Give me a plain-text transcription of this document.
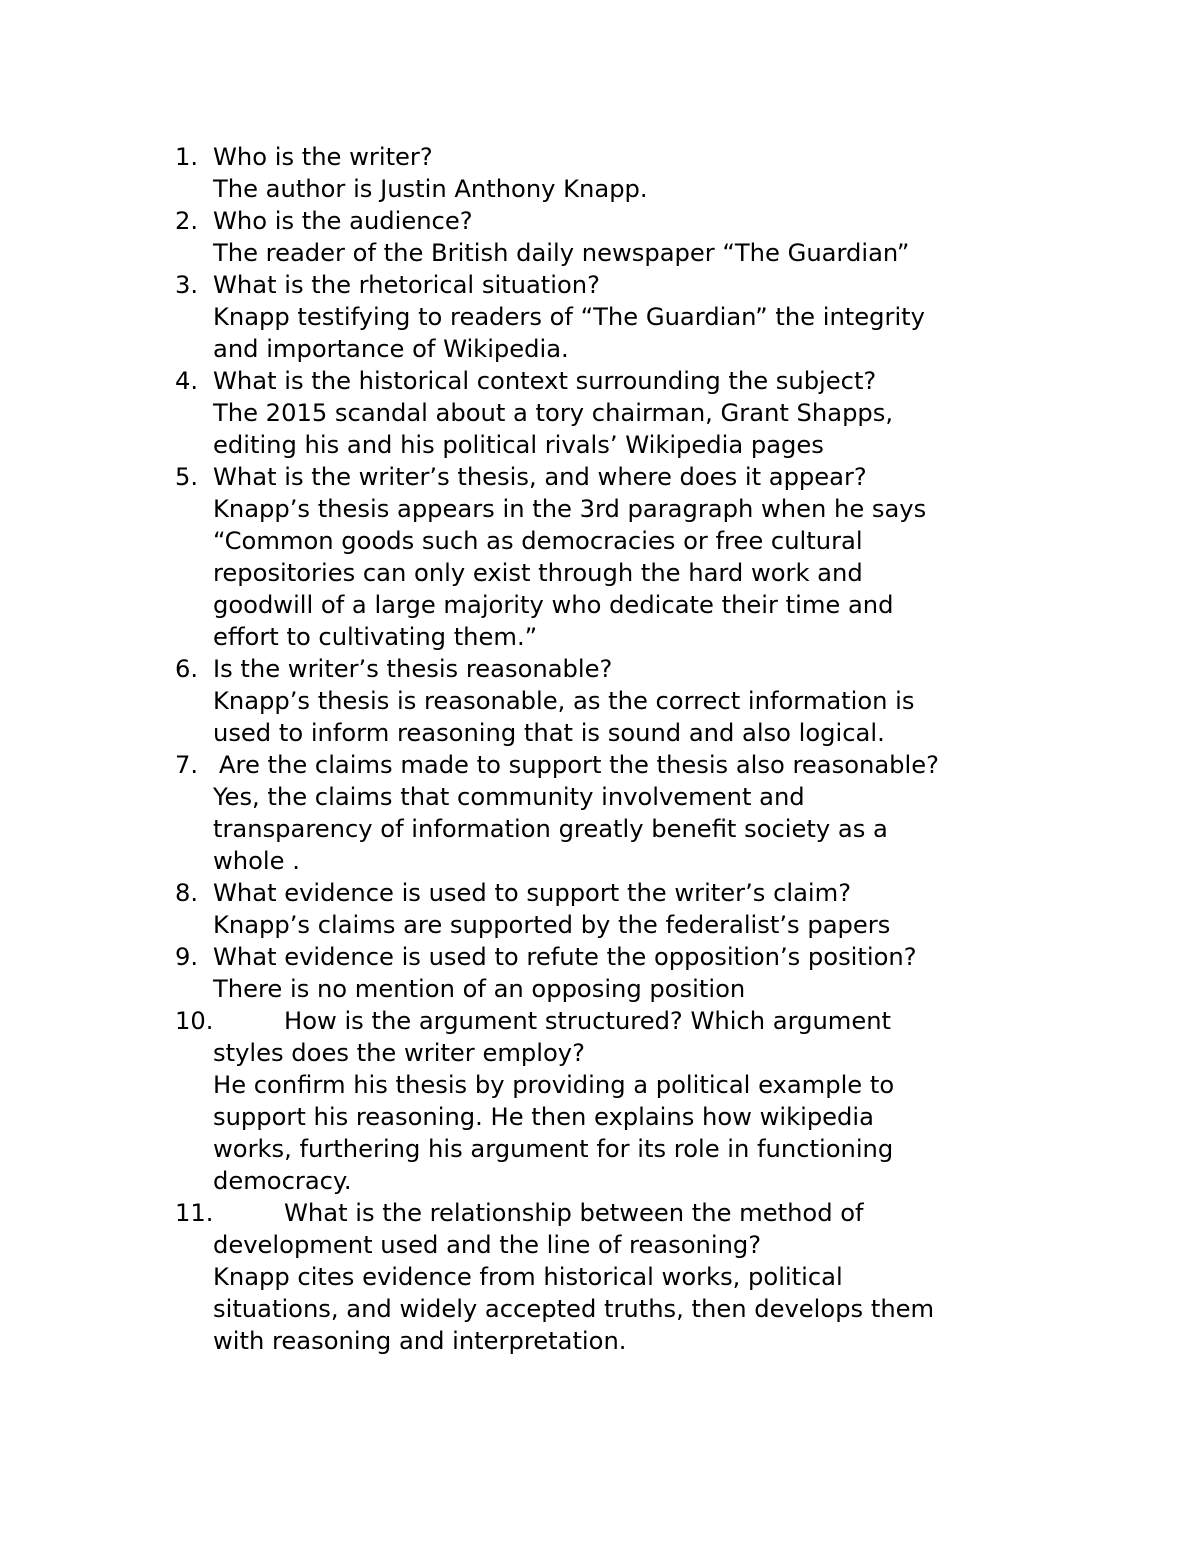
1. Who is the writer?
The author is Justin Anthony Knapp.
2. Who is the audience?
The reader of the British daily newspaper “The Guardian”
3. What is the rhetorical situation?
Knapp testifying to readers of “The Guardian” the integrity
and importance of Wikipedia.
4. What is the historical context surrounding the subject?
The 2015 scandal about a tory chairman, Grant Shapps,
editing his and his political rivals’ Wikipedia pages
5. What is the writer’s thesis, and where does it appear?
Knapp’s thesis appears in the 3rd paragraph when he says
“Common goods such as democracies or free cultural
repositories can only exist through the hard work and
goodwill of a large majority who dedicate their time and
effort to cultivating them.”
6. Is the writer’s thesis reasonable?
Knapp’s thesis is reasonable, as the correct information is
used to inform reasoning that is sound and also logical.
7. Are the claims made to support the thesis also reasonable?
Yes, the claims that community involvement and
transparency of information greatly benefit society as a
whole .
8. What evidence is used to support the writer’s claim?
Knapp’s claims are supported by the federalist’s papers
9. What evidence is used to refute the opposition’s position?
There is no mention of an opposing position
10.	How is the argument structured? Which argument
styles does the writer employ?
He confirm his thesis by providing a political example to
support his reasoning. He then explains how wikipedia
works, furthering his argument for its role in functioning
democracy.
11.	What is the relationship between the method of
development used and the line of reasoning?
Knapp cites evidence from historical works, political
situations, and widely accepted truths, then develops them
with reasoning and interpretation.
